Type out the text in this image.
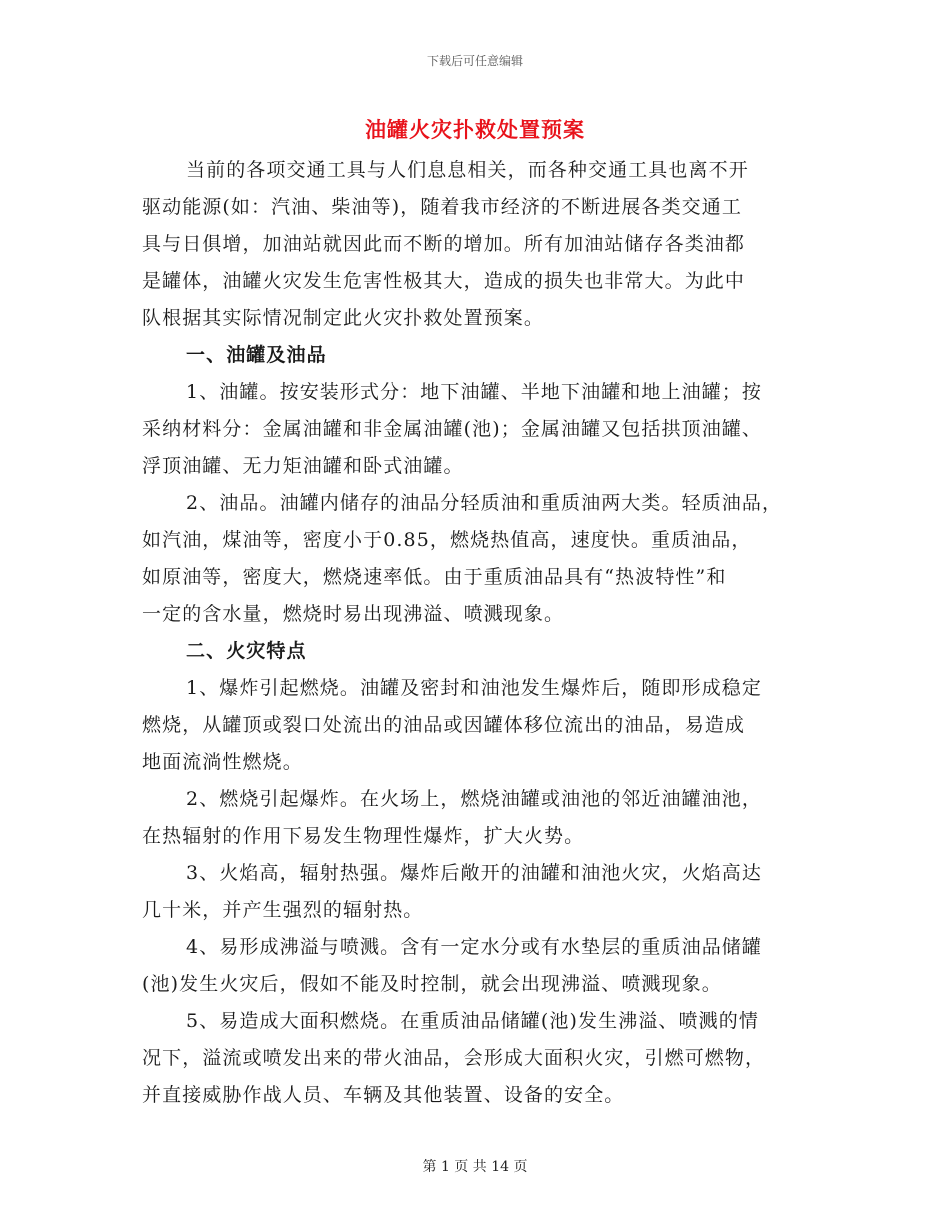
下载后可任意编辑
油罐火灾扑救处置预案
当前的各项交通工具与人们息息相关，而各种交通工具也离不开
驱动能源(如：汽油、柴油等)，随着我市经济的不断进展各类交通工
具与日俱增，加油站就因此而不断的增加。所有加油站储存各类油都
是罐体，油罐火灾发生危害性极其大，造成的损失也非常大。为此中
队根据其实际情况制定此火灾扑救处置预案。
一、油罐及油品
1、油罐。按安装形式分：地下油罐、半地下油罐和地上油罐；按
采纳材料分：金属油罐和非金属油罐(池)；金属油罐又包括拱顶油罐、
浮顶油罐、无力矩油罐和卧式油罐。
2、油品。油罐内储存的油品分轻质油和重质油两大类。轻质油品，
如汽油，煤油等，密度小于0.85，燃烧热值高，速度快。重质油品，
如原油等，密度大，燃烧速率低。由于重质油品具有“热波特性”和
一定的含水量，燃烧时易出现沸溢、喷溅现象。
二、火灾特点
1、爆炸引起燃烧。油罐及密封和油池发生爆炸后，随即形成稳定
燃烧，从罐顶或裂口处流出的油品或因罐体移位流出的油品，易造成
地面流淌性燃烧。
2、燃烧引起爆炸。在火场上，燃烧油罐或油池的邻近油罐油池，
在热辐射的作用下易发生物理性爆炸，扩大火势。
3、火焰高，辐射热强。爆炸后敞开的油罐和油池火灾，火焰高达
几十米，并产生强烈的辐射热。
4、易形成沸溢与喷溅。含有一定水分或有水垫层的重质油品储罐
(池)发生火灾后，假如不能及时控制，就会出现沸溢、喷溅现象。
5、易造成大面积燃烧。在重质油品储罐(池)发生沸溢、喷溅的情
况下，溢流或喷发出来的带火油品，会形成大面积火灾，引燃可燃物，
并直接威胁作战人员、车辆及其他装置、设备的安全。
第 1 页 共 14 页
